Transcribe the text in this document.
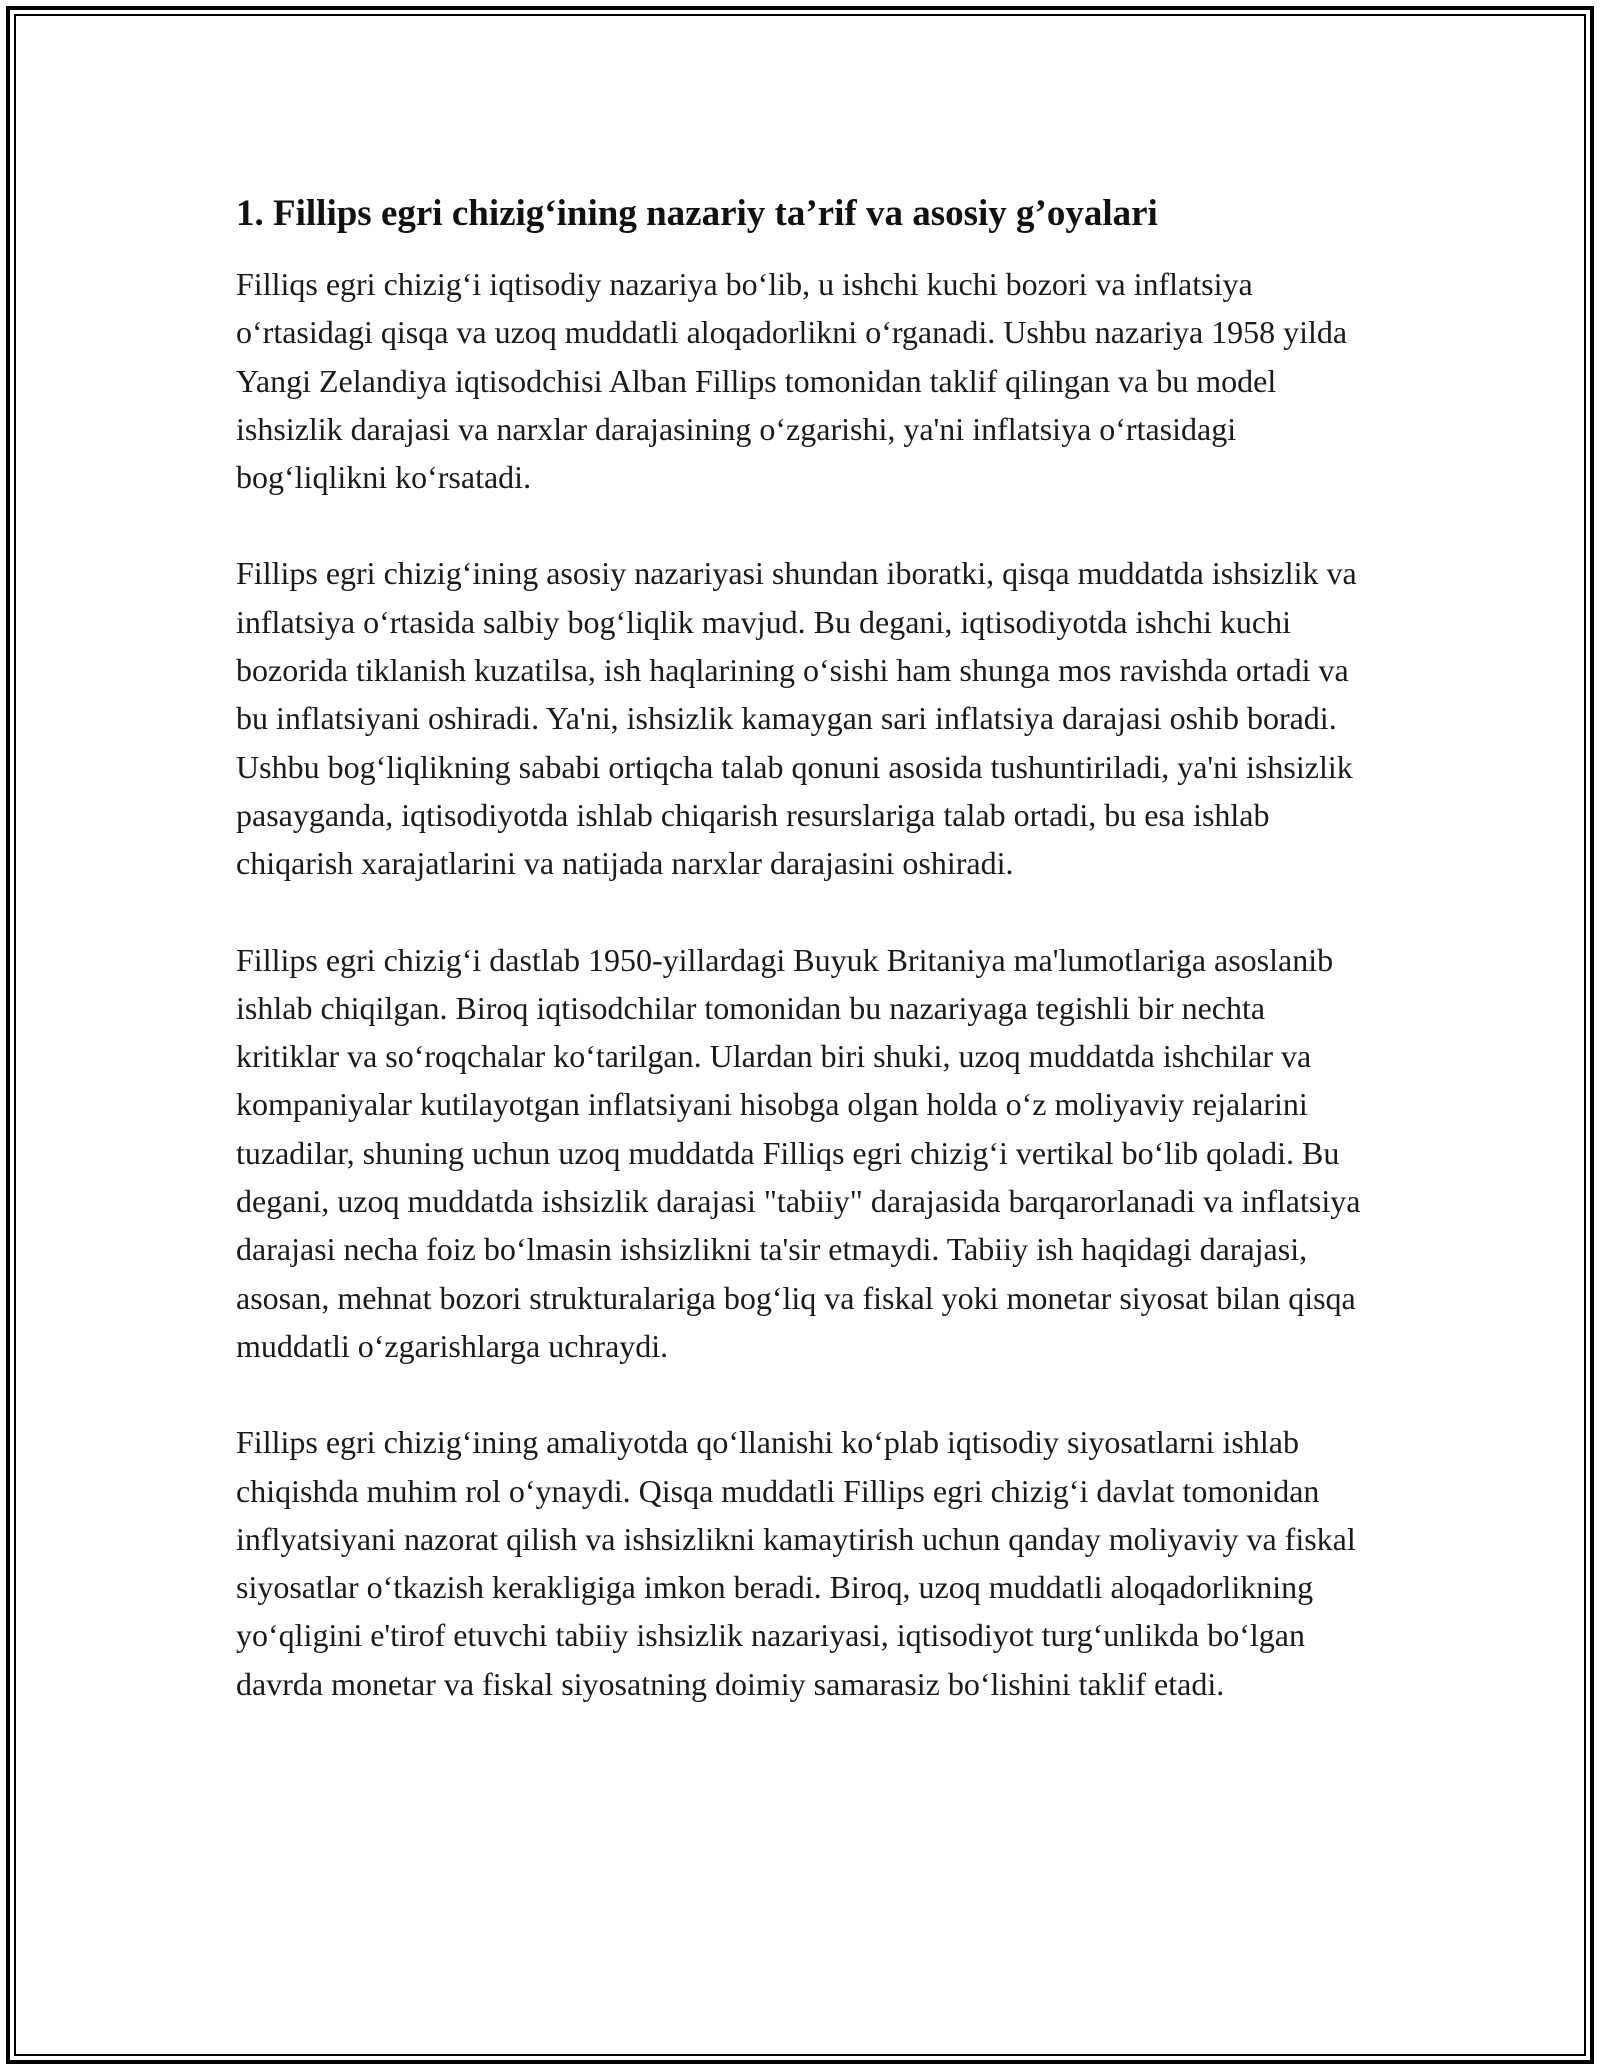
1. Fillips egri chizig‘ining nazariy ta’rif va asosiy g’oyalari

Filliqs egri chizig‘i iqtisodiy nazariya bo‘lib, u ishchi kuchi bozori va inflatsiya o‘rtasidagi qisqa va uzoq muddatli aloqadorlikni o‘rganadi. Ushbu nazariya 1958 yilda Yangi Zelandiya iqtisodchisi Alban Fillips tomonidan taklif qilingan va bu model ishsizlik darajasi va narxlar darajasining o‘zgarishi, ya'ni inflatsiya o‘rtasidagi bog‘liqlikni ko‘rsatadi.

Fillips egri chizig‘ining asosiy nazariyasi shundan iboratki, qisqa muddatda ishsizlik va inflatsiya o‘rtasida salbiy bog‘liqlik mavjud. Bu degani, iqtisodiyotda ishchi kuchi bozorida tiklanish kuzatilsa, ish haqlarining o‘sishi ham shunga mos ravishda ortadi va bu inflatsiyani oshiradi. Ya'ni, ishsizlik kamaygan sari inflatsiya darajasi oshib boradi. Ushbu bog‘liqlikning sababi ortiqcha talab qonuni asosida tushuntiriladi, ya'ni ishsizlik pasayganda, iqtisodiyotda ishlab chiqarish resurslariga talab ortadi, bu esa ishlab chiqarish xarajatlarini va natijada narxlar darajasini oshiradi.

Fillips egri chizig‘i dastlab 1950-yillardagi Buyuk Britaniya ma'lumotlariga asoslanib ishlab chiqilgan. Biroq iqtisodchilar tomonidan bu nazariyaga tegishli bir nechta kritiklar va so‘roqchalar ko‘tarilgan. Ulardan biri shuki, uzoq muddatda ishchilar va kompaniyalar kutilayotgan inflatsiyani hisobga olgan holda o‘z moliyaviy rejalarini tuzadilar, shuning uchun uzoq muddatda Filliqs egri chizig‘i vertikal bo‘lib qoladi. Bu degani, uzoq muddatda ishsizlik darajasi "tabiiy" darajasida barqarorlanadi va inflatsiya darajasi necha foiz bo‘lmasin ishsizlikni ta'sir etmaydi. Tabiiy ish haqidagi darajasi, asosan, mehnat bozori strukturalariga bog‘liq va fiskal yoki monetar siyosat bilan qisqa muddatli o‘zgarishlarga uchraydi.

Fillips egri chizig‘ining amaliyotda qo‘llanishi ko‘plab iqtisodiy siyosatlarni ishlab chiqishda muhim rol o‘ynaydi. Qisqa muddatli Fillips egri chizig‘i davlat tomonidan inflyatsiyani nazorat qilish va ishsizlikni kamaytirish uchun qanday moliyaviy va fiskal siyosatlar o‘tkazish kerakligiga imkon beradi. Biroq, uzoq muddatli aloqadorlikning yo‘qligini e'tirof etuvchi tabiiy ishsizlik nazariyasi, iqtisodiyot turg‘unlikda bo‘lgan davrda monetar va fiskal siyosatning doimiy samarasiz bo‘lishini taklif etadi.
